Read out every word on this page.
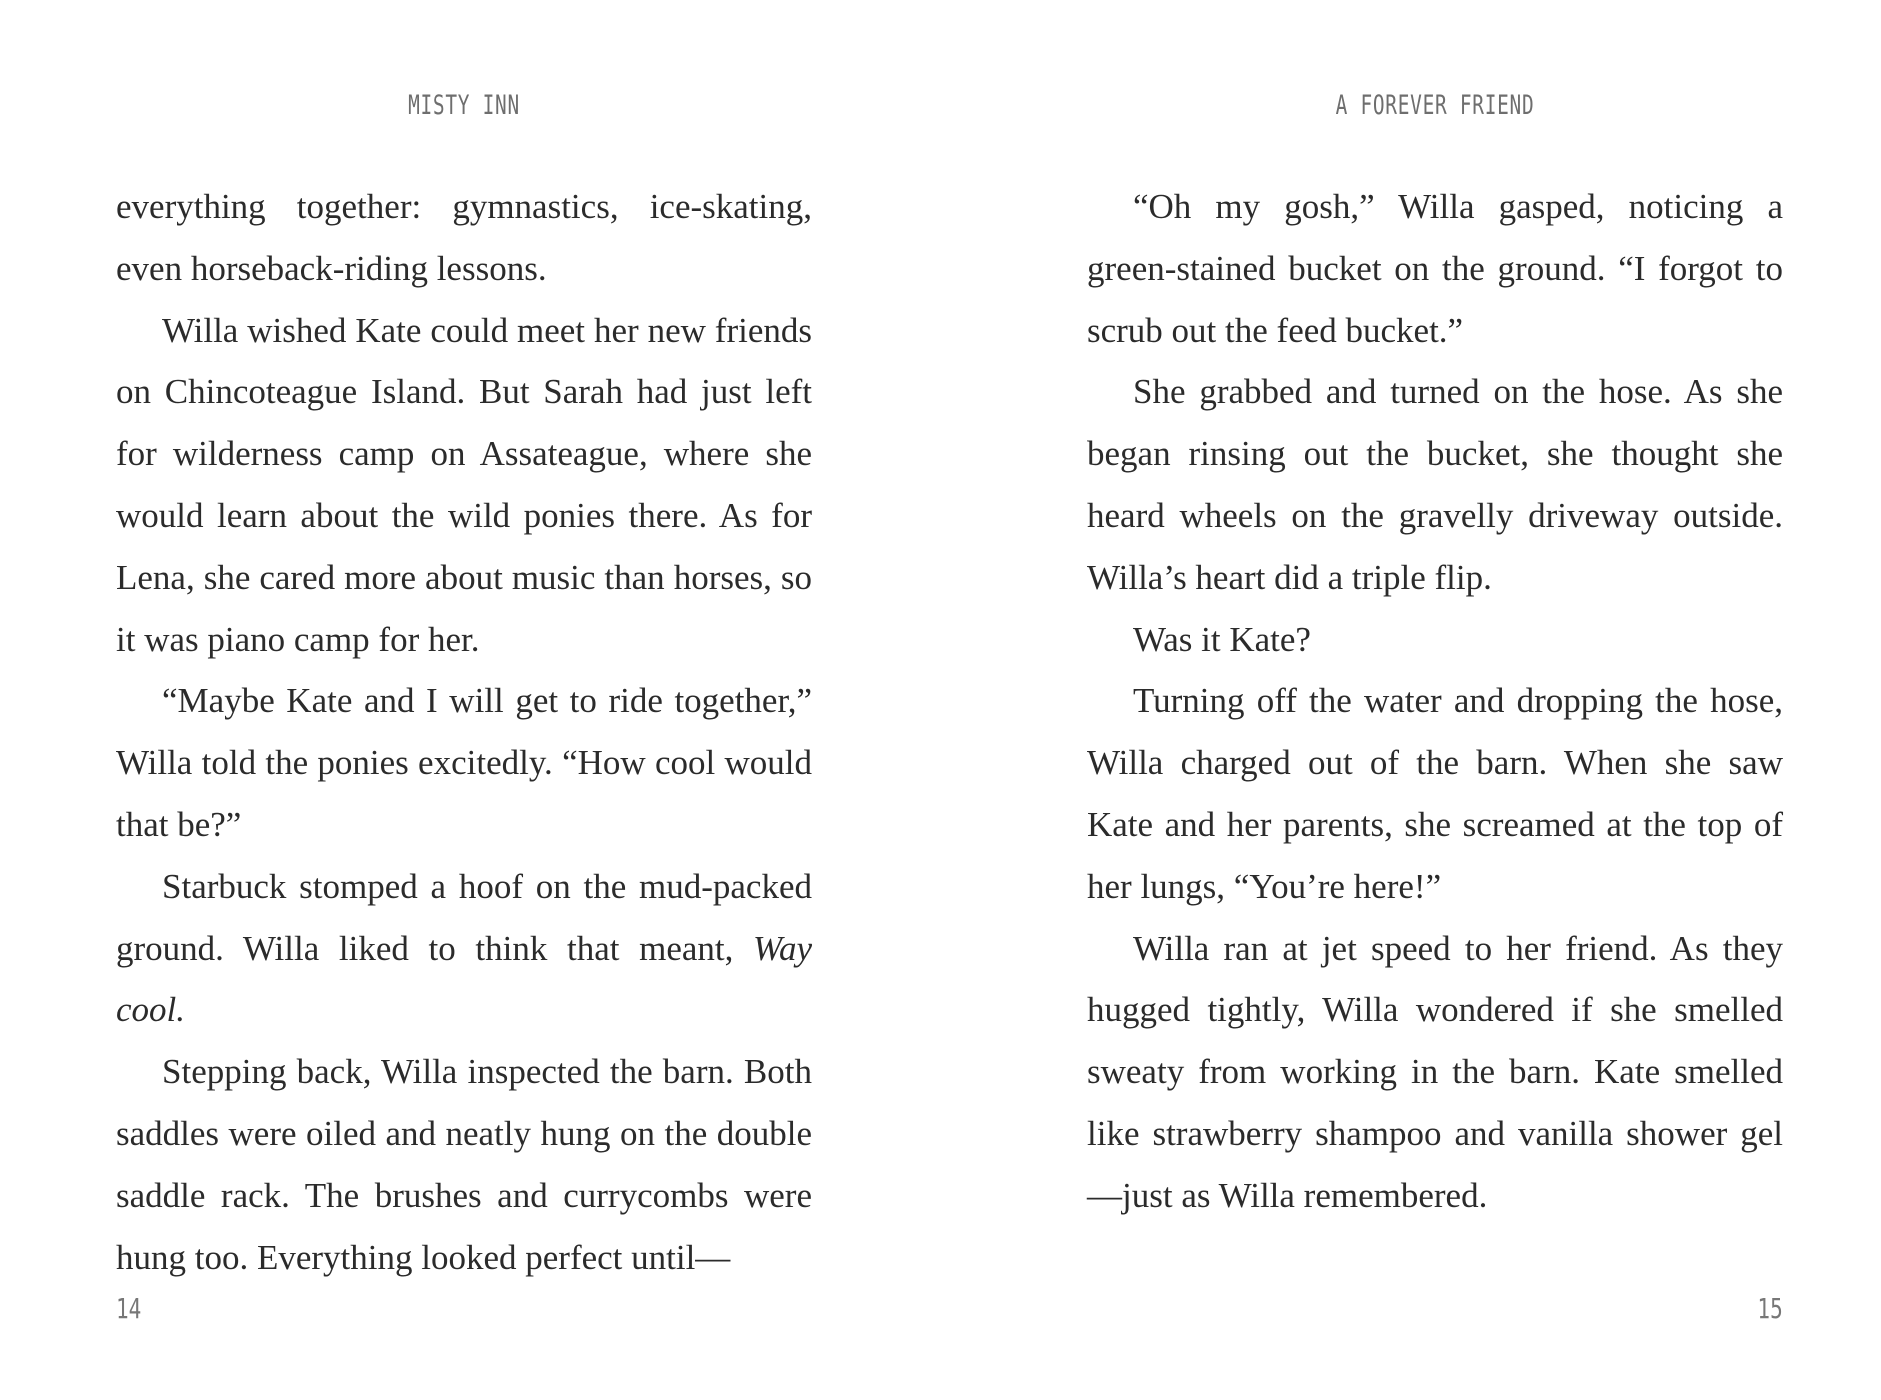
MISTY INN

everything together: gymnastics, ice-skating, even horseback-riding lessons.

Willa wished Kate could meet her new friends on Chincoteague Island. But Sarah had just left for wilderness camp on Assateague, where she would learn about the wild ponies there. As for Lena, she cared more about music than horses, so it was piano camp for her.

“Maybe Kate and I will get to ride together,” Willa told the ponies excitedly. “How cool would that be?”

Starbuck stomped a hoof on the mud-packed ground. Willa liked to think that meant, Way cool.

Stepping back, Willa inspected the barn. Both saddles were oiled and neatly hung on the double saddle rack. The brushes and currycombs were hung too. Everything looked perfect until—

14
A FOREVER FRIEND

“Oh my gosh,” Willa gasped, noticing a green-stained bucket on the ground. “I forgot to scrub out the feed bucket.”

She grabbed and turned on the hose. As she began rinsing out the bucket, she thought she heard wheels on the gravelly driveway outside. Willa’s heart did a triple flip.

Was it Kate?

Turning off the water and dropping the hose, Willa charged out of the barn. When she saw Kate and her parents, she screamed at the top of her lungs, “You’re here!”

Willa ran at jet speed to her friend. As they hugged tightly, Willa wondered if she smelled sweaty from working in the barn. Kate smelled like strawberry shampoo and vanilla shower gel—just as Willa remembered.

15
